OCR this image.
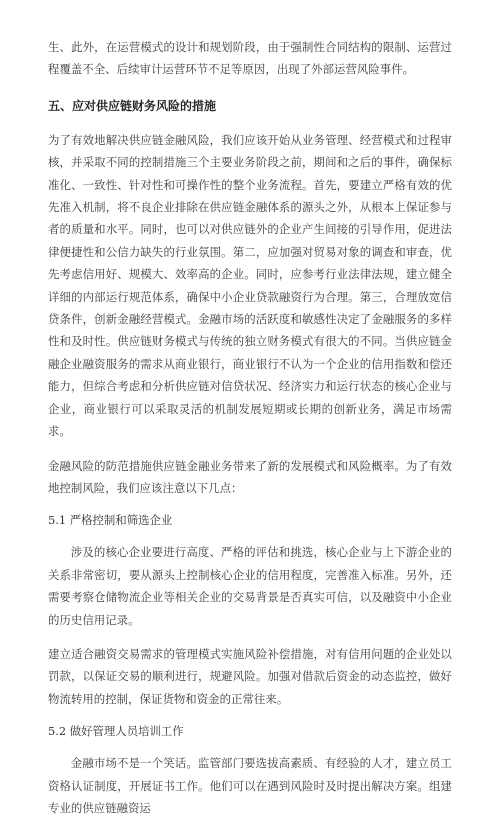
生、此外，在运营模式的设计和规划阶段，由于强制性合同结构的限制、运营过程覆盖不全、后续审计运营环节不足等原因，出现了外部运营风险事件。

五、应对供应链财务风险的措施

为了有效地解决供应链金融风险，我们应该开始从业务管理、经营模式和过程审核，并采取不同的控制措施三个主要业务阶段之前，期间和之后的事件，确保标准化、一致性、针对性和可操作性的整个业务流程。首先，要建立严格有效的优先准入机制，将不良企业排除在供应链金融体系的源头之外，从根本上保证参与者的质量和水平。同时，也可以对供应链外的企业产生间接的引导作用，促进法律便捷性和公信力缺失的行业氛围。第二，应加强对贸易对象的调查和审查，优先考虑信用好、规模大、效率高的企业。同时，应参考行业法律法规，建立健全详细的内部运行规范体系，确保中小企业贷款融资行为合理。第三，合理放宽信贷条件，创新金融经营模式。金融市场的活跃度和敏感性决定了金融服务的多样性和及时性。供应链财务模式与传统的独立财务模式有很大的不同。当供应链金融企业融资服务的需求从商业银行，商业银行不认为一个企业的信用指数和偿还能力，但综合考虑和分析供应链对信贷状况、经济实力和运行状态的核心企业与企业，商业银行可以采取灵活的机制发展短期或长期的创新业务，满足市场需求。

金融风险的防范措施供应链金融业务带来了新的发展模式和风险概率。为了有效地控制风险，我们应该注意以下几点：

5.1 严格控制和筛选企业

涉及的核心企业要进行高度、严格的评估和挑选，核心企业与上下游企业的关系非常密切，要从源头上控制核心企业的信用程度，完善准入标准。另外，还需要考察仓储物流企业等相关企业的交易背景是否真实可信，以及融资中小企业的历史信用记录。

建立适合融资交易需求的管理模式实施风险补偿措施，对有信用问题的企业处以罚款，以保证交易的顺利进行，规避风险。加强对借款后资金的动态监控，做好物流转用的控制，保证货物和资金的正常往来。

5.2 做好管理人员培训工作

金融市场不是一个笑话。监管部门要选拔高素质、有经验的人才，建立员工资格认证制度，开展证书工作。他们可以在遇到风险时及时提出解决方案。组建专业的供应链融资运
